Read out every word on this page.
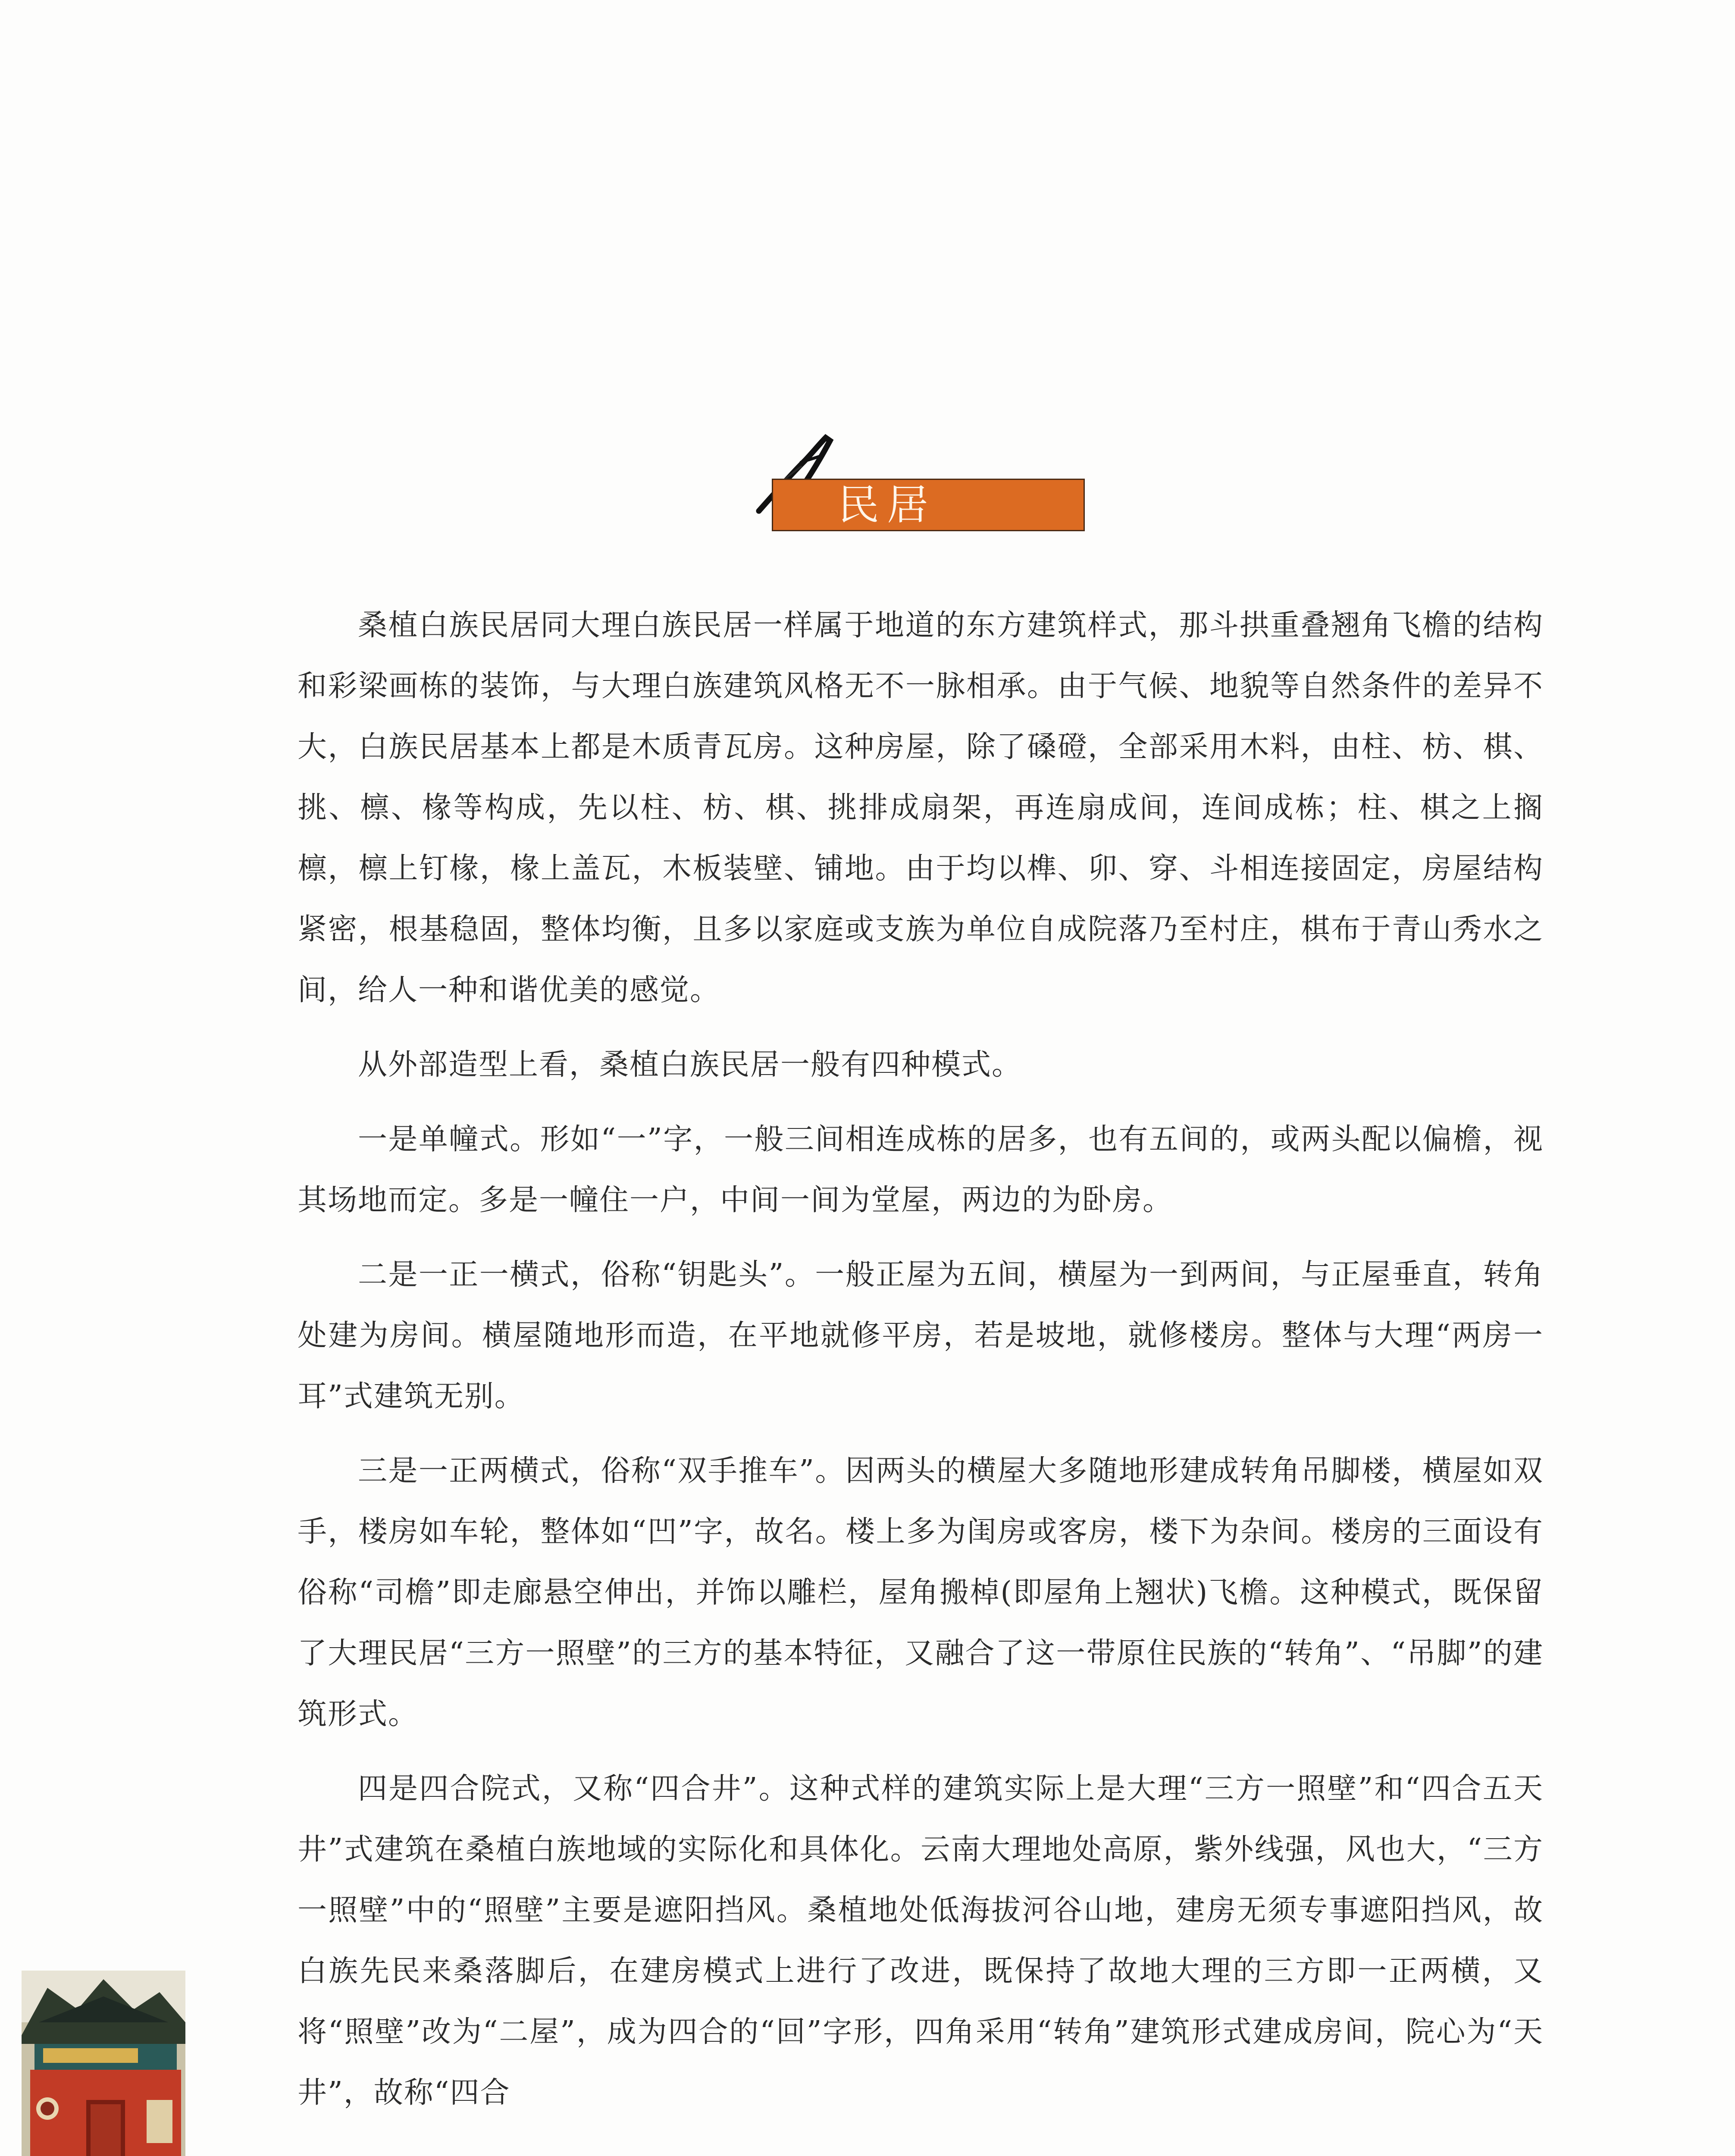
民居

桑植白族民居同大理白族民居一样属于地道的东方建筑样式，那斗拱重叠翘角飞檐的结构和彩梁画栋的装饰，与大理白族建筑风格无不一脉相承。由于气候、地貌等自然条件的差异不大，白族民居基本上都是木质青瓦房。这种房屋，除了磉磴，全部采用木料，由柱、枋、棋、挑、檩、椽等构成，先以柱、枋、棋、挑排成扇架，再连扇成间，连间成栋；柱、棋之上搁檩，檩上钉椽，椽上盖瓦，木板装壁、铺地。由于均以榫、卯、穿、斗相连接固定，房屋结构紧密，根基稳固，整体均衡，且多以家庭或支族为单位自成院落乃至村庄，棋布于青山秀水之间，给人一种和谐优美的感觉。

从外部造型上看，桑植白族民居一般有四种模式。

一是单幢式。形如“一”字，一般三间相连成栋的居多，也有五间的，或两头配以偏檐，视其场地而定。多是一幢住一户，中间一间为堂屋，两边的为卧房。

二是一正一横式，俗称“钥匙头”。一般正屋为五间，横屋为一到两间，与正屋垂直，转角处建为房间。横屋随地形而造，在平地就修平房，若是坡地，就修楼房。整体与大理“两房一耳”式建筑无别。

三是一正两横式，俗称“双手推车”。因两头的横屋大多随地形建成转角吊脚楼，横屋如双手，楼房如车轮，整体如“凹”字，故名。楼上多为闺房或客房，楼下为杂间。楼房的三面设有俗称“司檐”即走廊悬空伸出，并饰以雕栏，屋角搬棹(即屋角上翘状)飞檐。这种模式，既保留了大理民居“三方一照壁”的三方的基本特征，又融合了这一带原住民族的“转角”、“吊脚”的建筑形式。

四是四合院式，又称“四合井”。这种式样的建筑实际上是大理“三方一照壁”和“四合五天井”式建筑在桑植白族地域的实际化和具体化。云南大理地处高原，紫外线强，风也大，“三方一照壁”中的“照壁”主要是遮阳挡风。桑植地处低海拔河谷山地，建房无须专事遮阳挡风，故白族先民来桑落脚后，在建房模式上进行了改进，既保持了故地大理的三方即一正两横，又将“照壁”改为“二屋”，成为四合的“回”字形，四角采用“转角”建筑形式建成房间，院心为“天井”，故称“四合
